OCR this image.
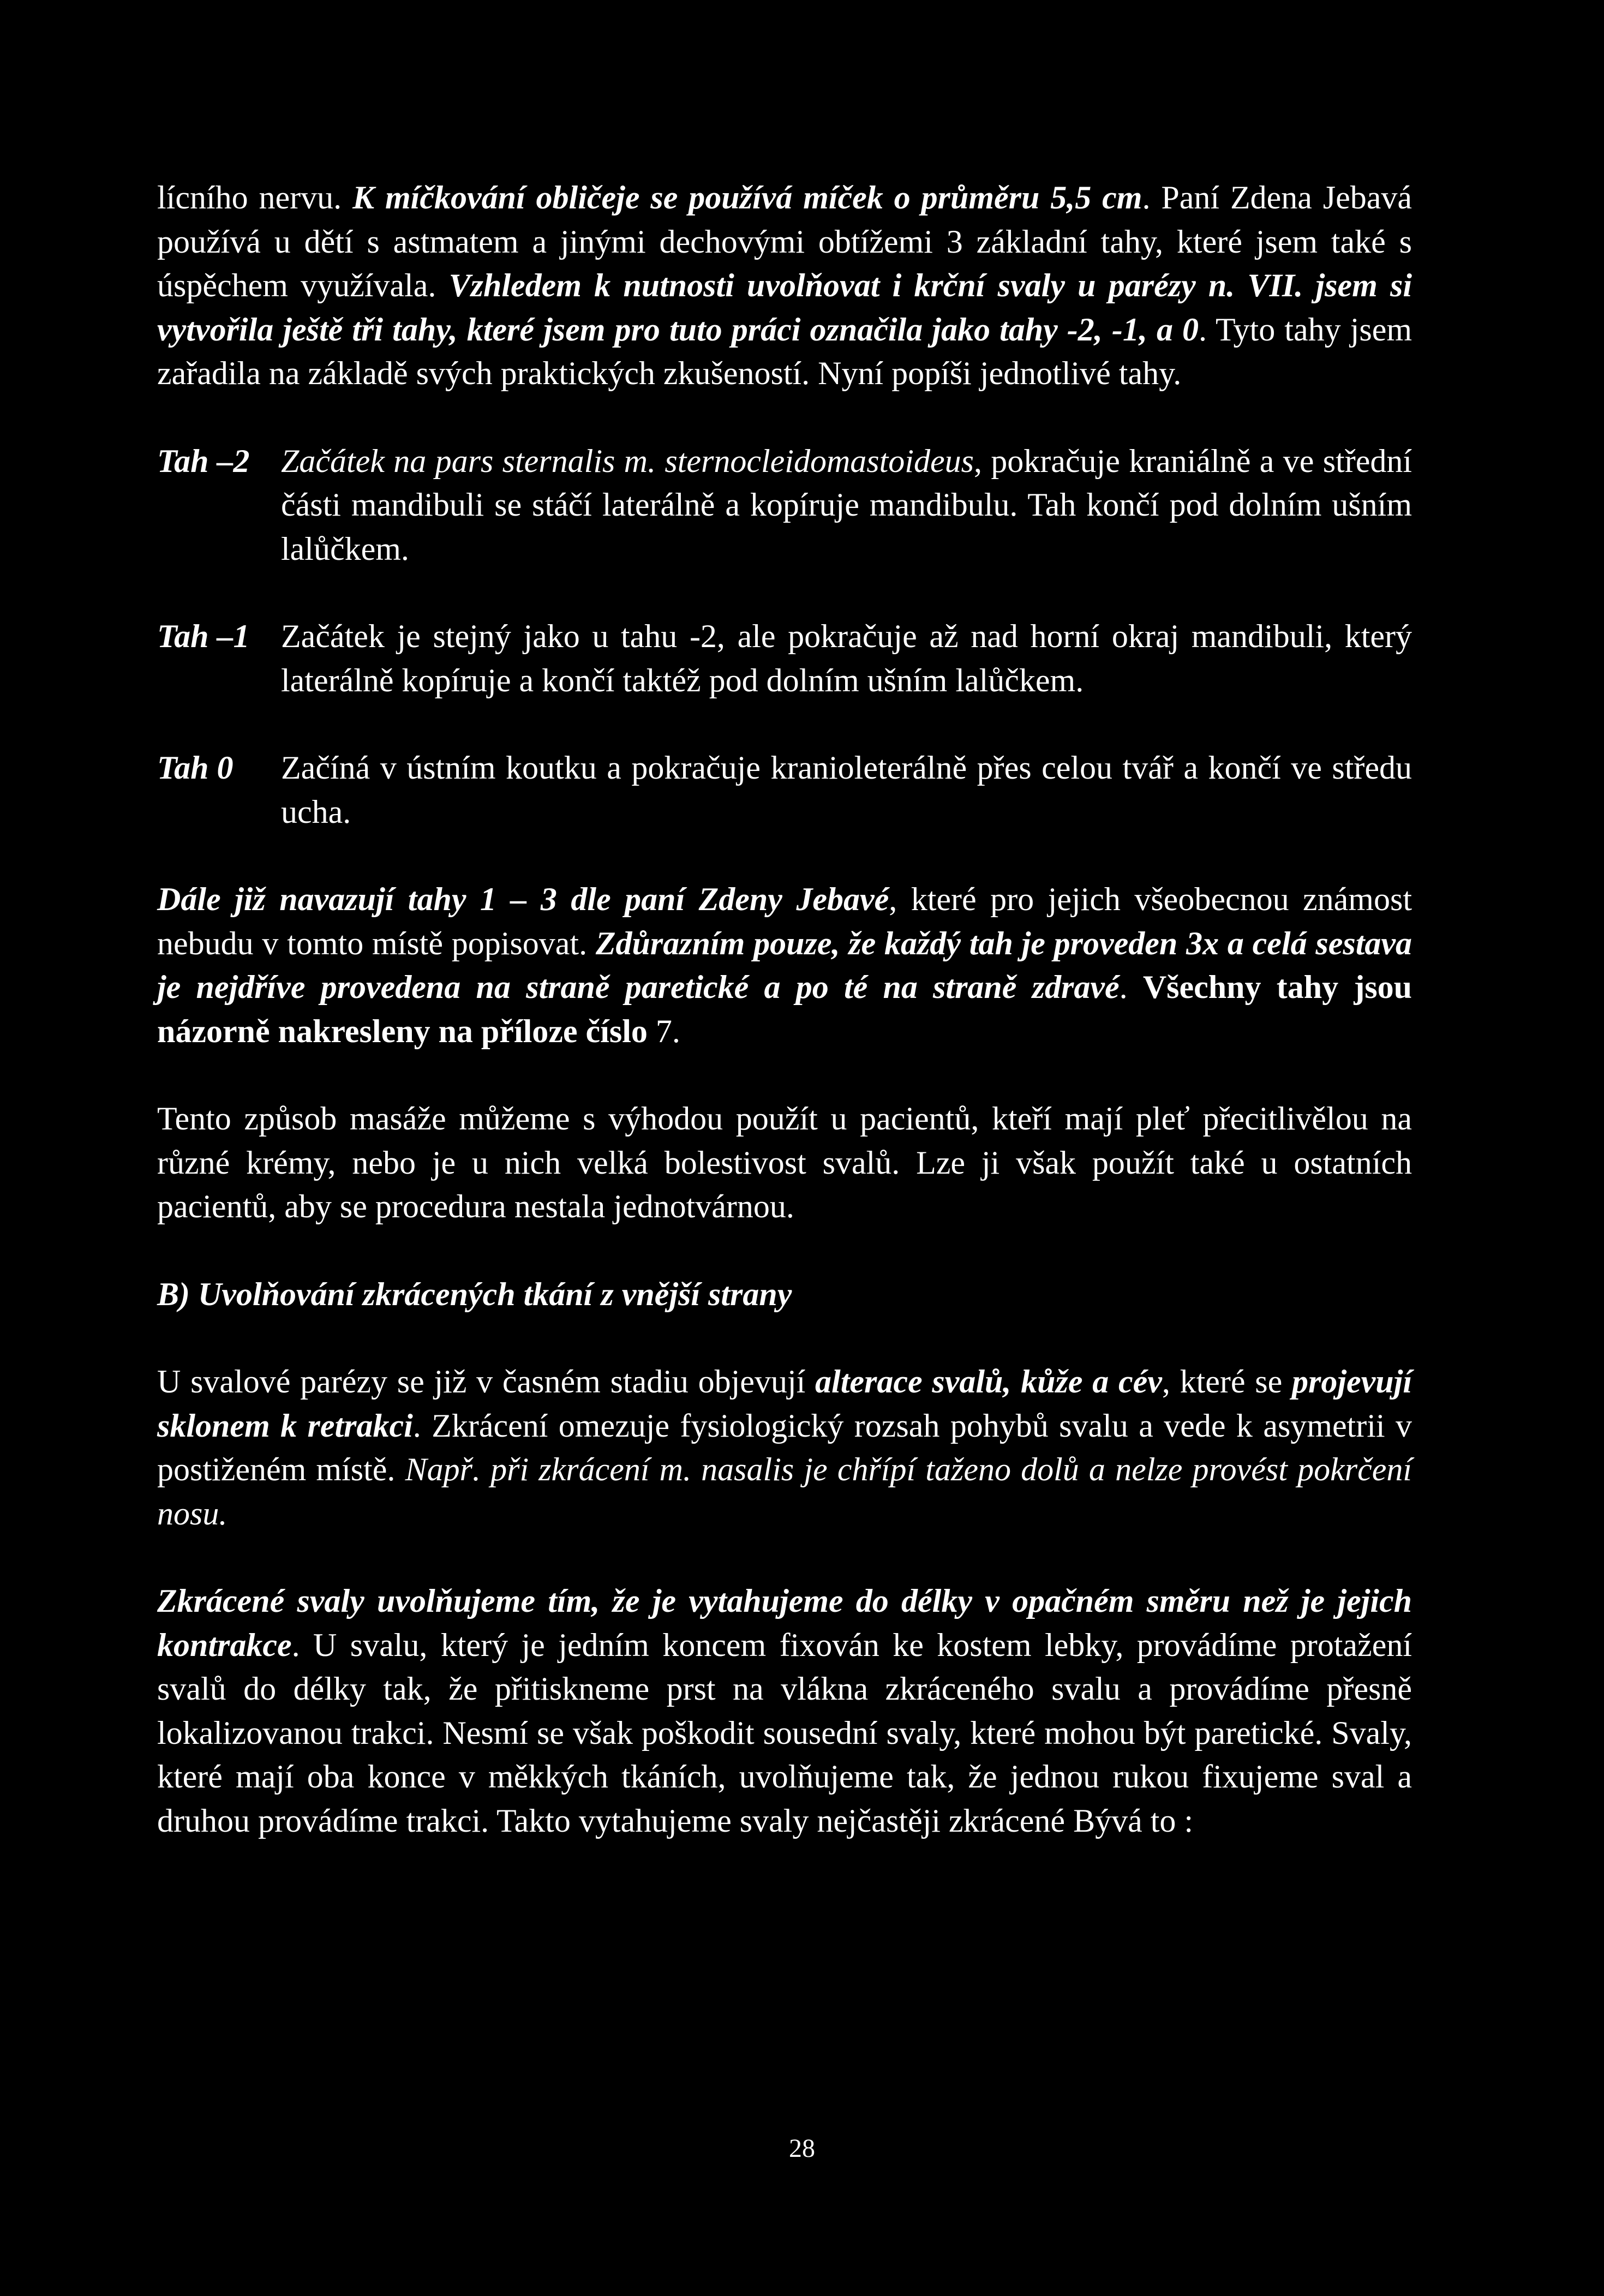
lícního nervu. K míčkování obličeje se používá míček o průměru 5,5 cm. Paní Zdena Jebavá používá u dětí s astmatem a jinými dechovými obtížemi 3 základní tahy, které jsem také s úspěchem využívala. Vzhledem k nutnosti uvolňovat i krční svaly u parézy n. VII. jsem si vytvořila ještě tři tahy, které jsem pro tuto práci označila jako tahy -2, -1, a 0. Tyto tahy jsem zařadila na základě svých praktických zkušeností. Nyní popíši jednotlivé tahy.

Tah –2 Začátek na pars sternalis m. sternocleidomastoideus, pokračuje kraniálně a ve střední části mandibuli se stáčí laterálně a kopíruje mandibulu. Tah končí pod dolním ušním lalůčkem.
Tah –1 Začátek je stejný jako u tahu -2, ale pokračuje až nad horní okraj mandibuli, který laterálně kopíruje a končí taktéž pod dolním ušním lalůčkem.
Tah 0	Začíná v ústním koutku a pokračuje kranioleterálně přes celou tvář a končí ve středu ucha.

Dále již navazují tahy 1 – 3 dle paní Zdeny Jebavé, které pro jejich všeobecnou známost nebudu v tomto místě popisovat. Zdůrazním pouze, že každý tah je proveden 3x a celá sestava je nejdříve provedena na straně paretické a po té na straně zdravé. Všechny tahy jsou názorně nakresleny na příloze číslo 7.

Tento způsob masáže můžeme s výhodou použít u pacientů, kteří mají pleť přecitlivělou na různé krémy, nebo je u nich velká bolestivost svalů. Lze ji však použít také u ostatních pacientů, aby se procedura nestala jednotvárnou.

B) Uvolňování zkrácených tkání z vnější strany

U svalové parézy se již v časném stadiu objevují alterace svalů, kůže a cév, které se projevují sklonem k retrakci. Zkrácení omezuje fysiologický rozsah pohybů svalu a vede k asymetrii v postiženém místě. Např. při zkrácení m. nasalis je chřípí taženo dolů a nelze provést pokrčení nosu.

Zkrácené svaly uvolňujeme tím, že je vytahujeme do délky v opačném směru než je jejich kontrakce. U svalu, který je jedním koncem fixován ke kostem lebky, provádíme protažení svalů do délky tak, že přitiskneme prst na vlákna zkráceného svalu a provádíme přesně lokalizovanou trakci. Nesmí se však poškodit sousední svaly, které mohou být paretické. Svaly, které mají oba konce v měkkých tkáních, uvolňujeme tak, že jednou rukou fixujeme sval a druhou provádíme trakci. Takto vytahujeme svaly nejčastěji zkrácené Bývá to :

28
